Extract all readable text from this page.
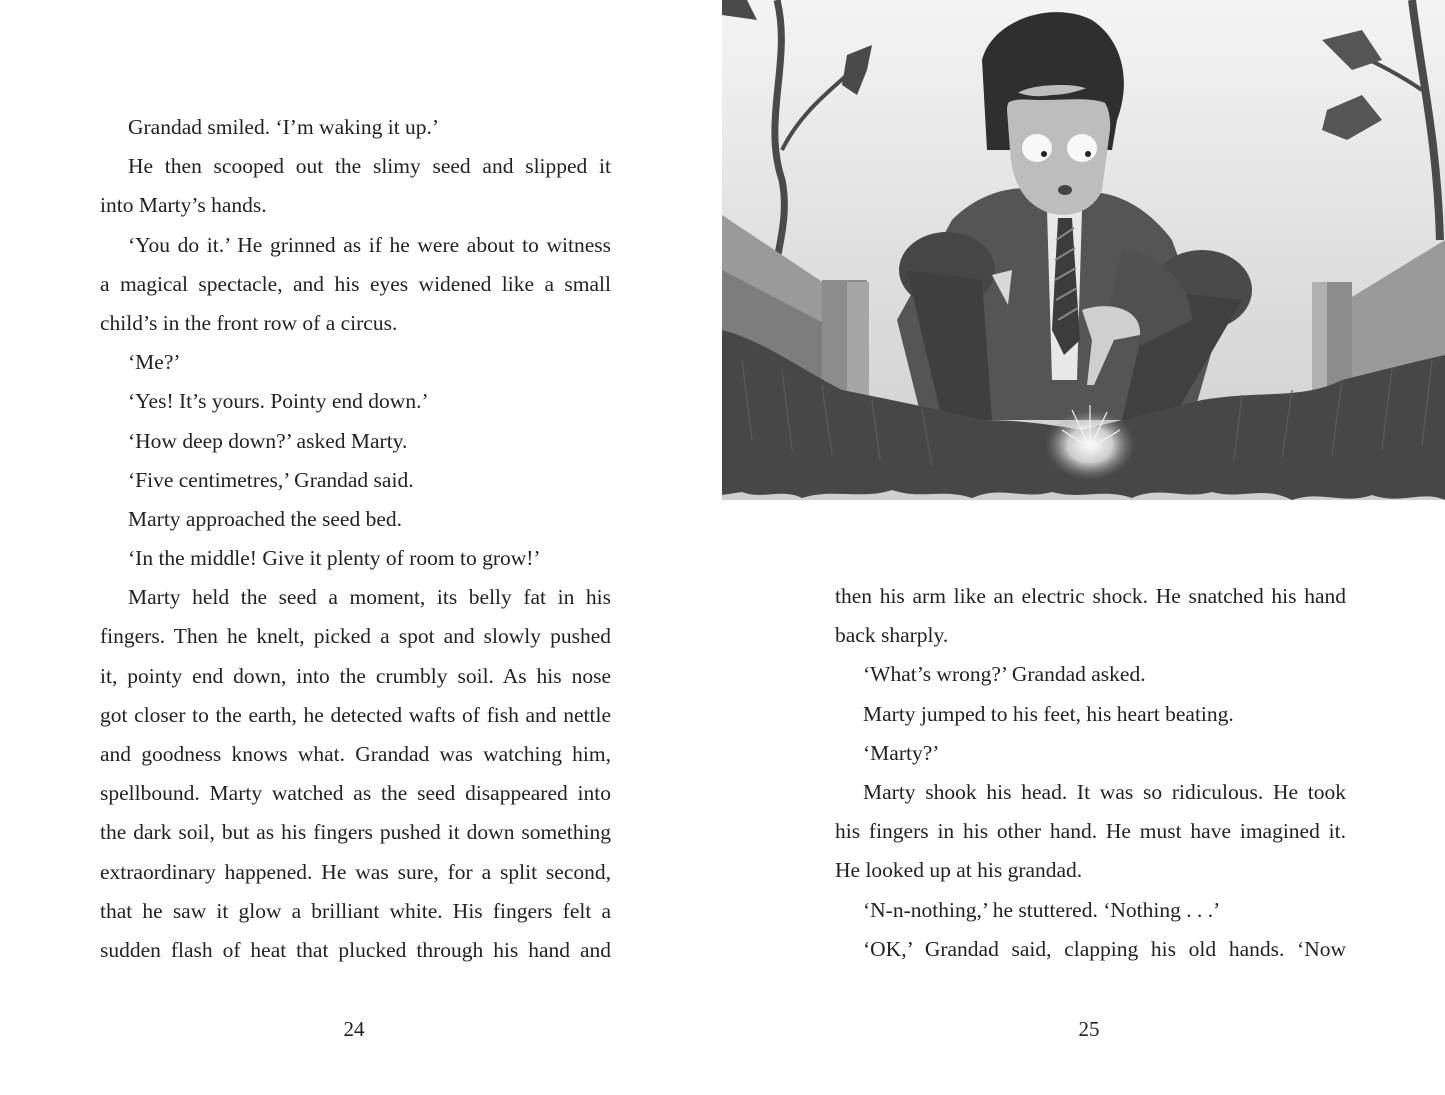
Grandad smiled. ‘I’m waking it up.’
He then scooped out the slimy seed and slipped it
into Marty’s hands.
‘You do it.’ He grinned as if he were about to witness
a magical spectacle, and his eyes widened like a small
child’s in the front row of a circus.
‘Me?’
‘Yes! It’s yours. Pointy end down.’
‘How deep down?’ asked Marty.
‘Five centimetres,’ Grandad said.
Marty approached the seed bed.
‘In the middle! Give it plenty of room to grow!’
Marty held the seed a moment, its belly fat in his
fingers. Then he knelt, picked a spot and slowly pushed
it, pointy end down, into the crumbly soil. As his nose
got closer to the earth, he detected wafts of fish and nettle
and goodness knows what. Grandad was watching him,
spellbound. Marty watched as the seed disappeared into
the dark soil, but as his fingers pushed it down something
extraordinary happened. He was sure, for a split second,
that he saw it glow a brilliant white. His fingers felt a
sudden flash of heat that plucked through his hand and
24
then his arm like an electric shock. He snatched his hand
back sharply.
‘What’s wrong?’ Grandad asked.
Marty jumped to his feet, his heart beating.
‘Marty?’
Marty shook his head. It was so ridiculous. He took
his fingers in his other hand. He must have imagined it.
He looked up at his grandad.
‘N-n-nothing,’ he stuttered. ‘Nothing . . .’
‘OK,’ Grandad said, clapping his old hands. ‘Now
25
